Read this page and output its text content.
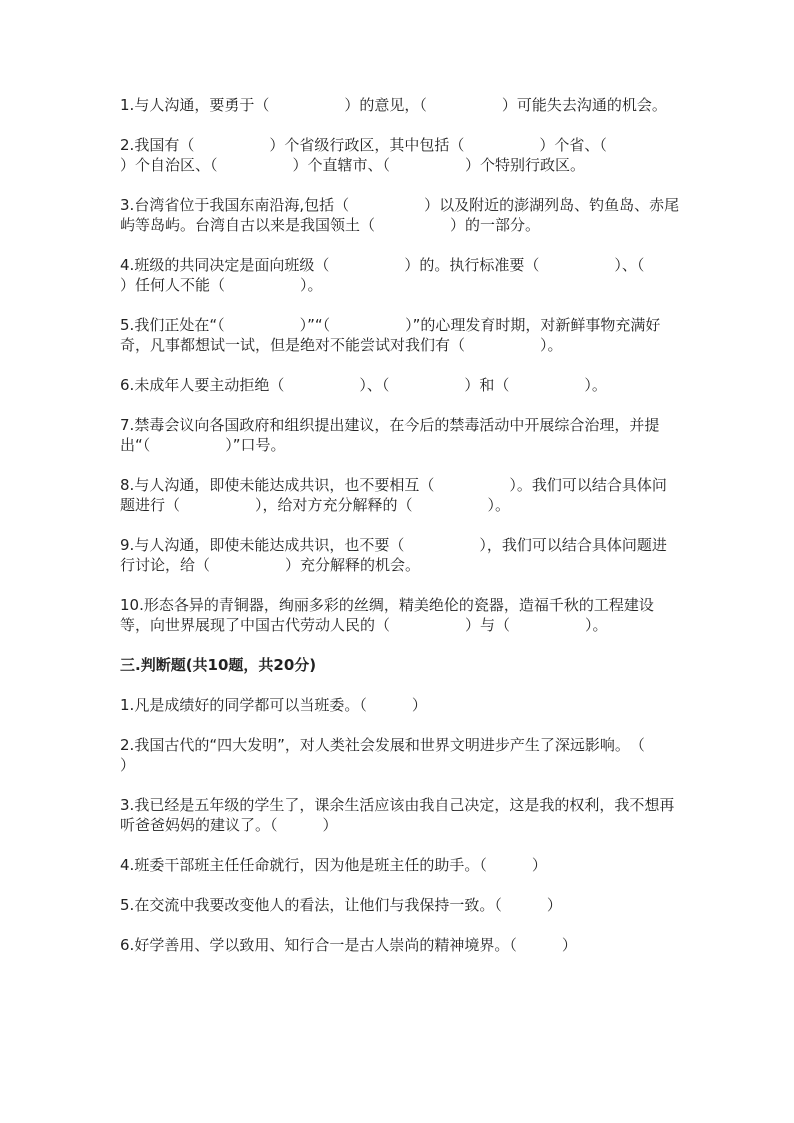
1.与人沟通，要勇于（　　　　　）的意见，（　　　　　）可能失去沟通的机会。

2.我国有（　　　　　）个省级行政区，其中包括（　　　　　）个省、（　　　　　）个自治区、（　　　　　）个直辖市、（　　　　　）个特别行政区。

3.台湾省位于我国东南沿海,包括（　　　　　）以及附近的澎湖列岛、钓鱼岛、赤尾屿等岛屿。台湾自古以来是我国领土（　　　　　）的一部分。

4.班级的共同决定是面向班级（　　　　　）的。执行标准要（　　　　　）、（　　　　　）任何人不能（　　　　　）。

5.我们正处在“（　　　　　）”“（　　　　　）”的心理发育时期，对新鲜事物充满好奇，凡事都想试一试，但是绝对不能尝试对我们有（　　　　　）。

6.未成年人要主动拒绝（　　　　　）、（　　　　　）和（　　　　　）。

7.禁毒会议向各国政府和组织提出建议，在今后的禁毒活动中开展综合治理，并提出“（　　　　　）”口号。

8.与人沟通，即使未能达成共识，也不要相互（　　　　　）。我们可以结合具体问题进行（　　　　　），给对方充分解释的（　　　　　）。

9.与人沟通，即使未能达成共识，也不要（　　　　　），我们可以结合具体问题进行讨论，给（　　　　　）充分解释的机会。

10.形态各异的青铜器，绚丽多彩的丝绸，精美绝伦的瓷器，造福千秋的工程建设等，向世界展现了中国古代劳动人民的（　　　　　）与（　　　　　）。

三.判断题(共10题，共20分)

1.凡是成绩好的同学都可以当班委。（　　　）

2.我国古代的“四大发明”，对人类社会发展和世界文明进步产生了深远影响。　（　　　）

3.我已经是五年级的学生了，课余生活应该由我自己决定，这是我的权利，我不想再听爸爸妈妈的建议了。（　　　）

4.班委干部班主任任命就行，因为他是班主任的助手。（　　　）

5.在交流中我要改变他人的看法，让他们与我保持一致。（　　　）

6.好学善用、学以致用、知行合一是古人崇尚的精神境界。（　　　）
